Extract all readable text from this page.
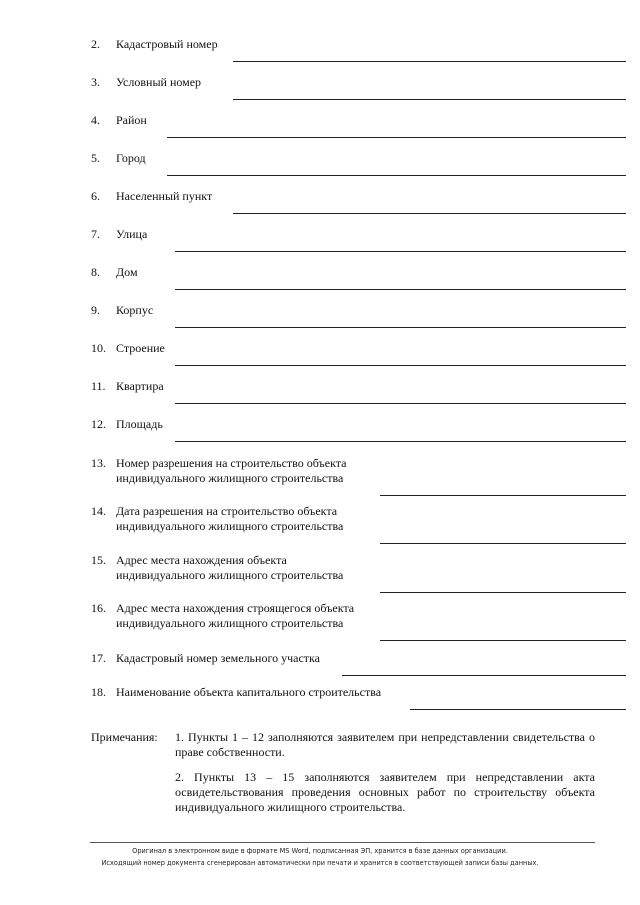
2. Кадастровый номер
3. Условный номер
4. Район
5. Город
6. Населенный пункт
7. Улица
8. Дом
9. Корпус
10. Строение
11. Квартира
12. Площадь
13. Номер разрешения на строительство объекта
индивидуального жилищного строительства
14. Дата разрешения на строительство объекта
индивидуального жилищного строительства
15. Адрес места нахождения объекта
индивидуального жилищного строительства
16. Адрес места нахождения строящегося объекта
индивидуального жилищного строительства
17. Кадастровый номер земельного участка
18. Наименование объекта капитального строительства
Примечания: 1. Пункты 1 – 12 заполняются заявителем при непредставлении свидетельства о праве собственности.
2. Пункты 13 – 15 заполняются заявителем при непредставлении акта освидетельствования проведения основных работ по строительству объекта индивидуального жилищного строительства.
Оригинал в электронном виде в формате MS Word, подписанная ЭП, хранится в базе данных организации.
Исходящий номер документа сгенерирован автоматически при печати и хранится в соответствующей записи базы данных.
